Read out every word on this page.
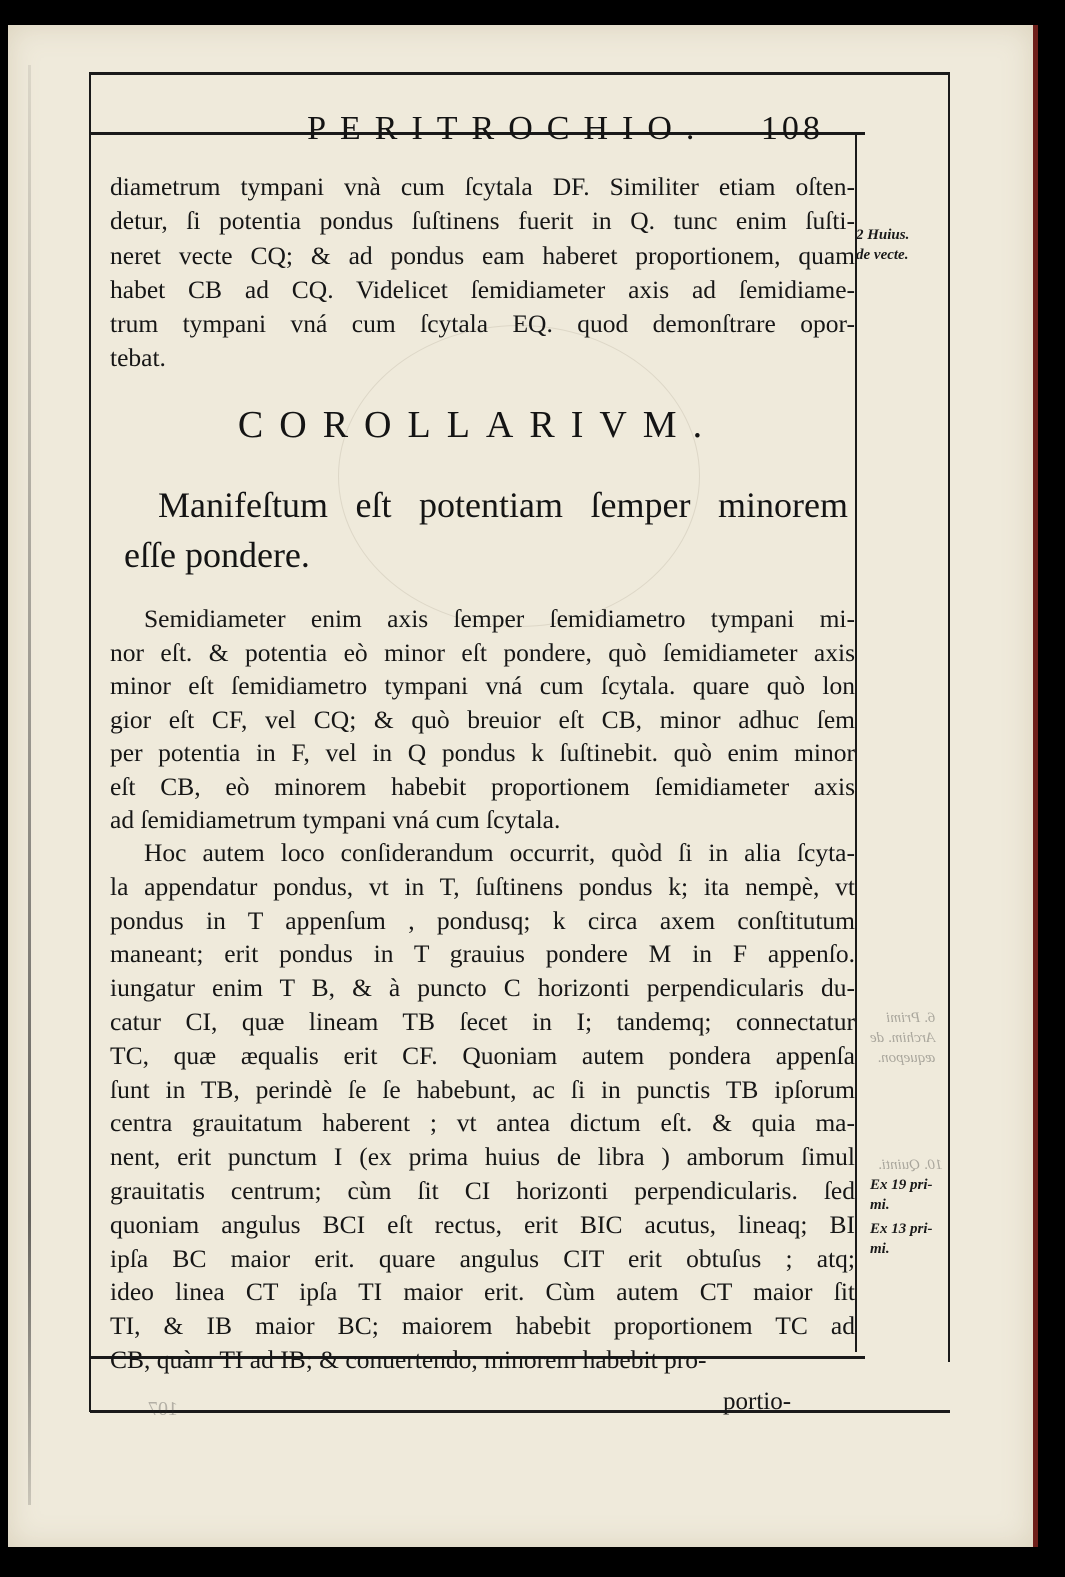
PERITROCHIO. 108
diametrum tympani vnà cum ſcytala DF. Similiter etiam oſten-
detur, ſi potentia pondus ſuſtinens fuerit in Q. tunc enim ſuſti-
neret vecte CQ; & ad pondus eam haberet proportionem, quam
habet CB ad CQ. Videlicet ſemidiameter axis ad ſemidiame-
trum tympani vná cum ſcytala EQ. quod demonſtrare opor-
tebat.
COROLLARIVM.
Manifeſtum eſt potentiam ſemper minorem
eſſe pondere.
Semidiameter enim axis ſemper ſemidiametro tympani mi-
nor eſt. & potentia eò minor eſt pondere, quò ſemidiameter axis
minor eſt ſemidiametro tympani vná cum ſcytala. quare quò lon
gior eſt CF, vel CQ; & quò breuior eſt CB, minor adhuc ſem
per potentia in F, vel in Q pondus k ſuſtinebit. quò enim minor
eſt CB, eò minorem habebit proportionem ſemidiameter axis
ad ſemidiametrum tympani vná cum ſcytala.
Hoc autem loco conſiderandum occurrit, quòd ſi in alia ſcyta-
la appendatur pondus, vt in T, ſuſtinens pondus k; ita nempè, vt
pondus in T appenſum , pondusq; k circa axem conſtitutum
maneant; erit pondus in T grauius pondere M in F appenſo.
iungatur enim T B, & à puncto C horizonti perpendicularis du-
catur CI, quæ lineam TB ſecet in I; tandemq; connectatur
TC, quæ æqualis erit CF. Quoniam autem pondera appenſa
ſunt in TB, perindè ſe ſe habebunt, ac ſi in punctis TB ipſorum
centra grauitatum haberent ; vt antea dictum eſt. & quia ma-
nent, erit punctum I (ex prima huius de libra ) amborum ſimul
grauitatis centrum; cùm ſit CI horizonti perpendicularis. ſed
quoniam angulus BCI eſt rectus, erit BIC acutus, lineaq; BI
ipſa BC maior erit. quare angulus CIT erit obtuſus ; atq;
ideo linea CT ipſa TI maior erit. Cùm autem CT maior ſit
TI, & IB maior BC; maiorem habebit proportionem TC ad
CB, quàm TI ad IB; & conuertendo, minorem habebit pro-
2 Huius.
de vecte.
Ex 19 pri-
mi.
Ex 13 pri-
mi.
6. Primi
Archim. de
æquepon.
10. Quinti.
107	portio-
